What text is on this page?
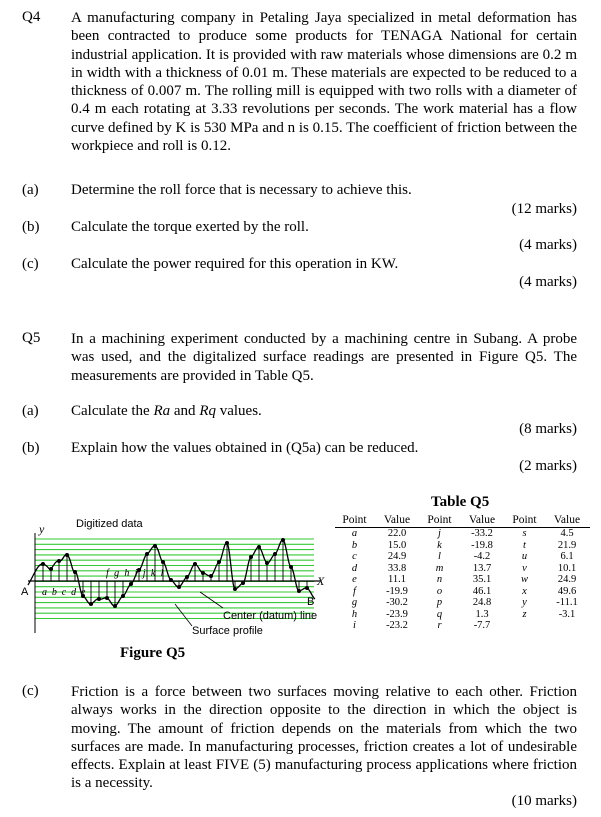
Q4 A manufacturing company in Petaling Jaya specialized in metal deformation has been contracted to produce some products for TENAGA National for certain industrial application. It is provided with raw materials whose dimensions are 0.2 m in width with a thickness of 0.01 m. These materials are expected to be reduced to a thickness of 0.007 m. The rolling mill is equipped with two rolls with a diameter of 0.4 m each rotating at 3.33 revolutions per seconds. The work material has a flow curve defined by K is 530 MPa and n is 0.15. The coefficient of friction between the workpiece and roll is 0.12.
(a) Determine the roll force that is necessary to achieve this.
(12 marks)
(b) Calculate the torque exerted by the roll.
(4 marks)
(c) Calculate the power required for this operation in KW.
(4 marks)
Q5 In a machining experiment conducted by a machining centre in Subang. A probe was used, and the digitalized surface readings are presented in Figure Q5. The measurements are provided in Table Q5.
(a) Calculate the Ra and Rq values.
(8 marks)
(b) Explain how the values obtained in (Q5a) can be reduced.
(2 marks)
y
X
A
B
Digitized data
a b c d e
f g h i j k l
Center (datum) line
Surface profile
Figure Q5
Table Q5
Point	Value	Point	Value	Point	Value
a	22.0	j	-33.2	s	4.5
b	15.0	k	-19.8	t	21.9
c	24.9	l	-4.2	u	6.1
d	33.8	m	13.7	v	10.1
e	11.1	n	35.1	w	24.9
f	-19.9	o	46.1	x	49.6
g	-30.2	p	24.8	y	-11.1
h	-23.9	q	1.3	z	-3.1
i	-23.2	r	-7.7		
(c) Friction is a force between two surfaces moving relative to each other. Friction always works in the direction opposite to the direction in which the object is moving. The amount of friction depends on the materials from which the two surfaces are made. In manufacturing processes, friction creates a lot of undesirable effects. Explain at least FIVE (5) manufacturing process applications where friction is a necessity.
(10 marks)
